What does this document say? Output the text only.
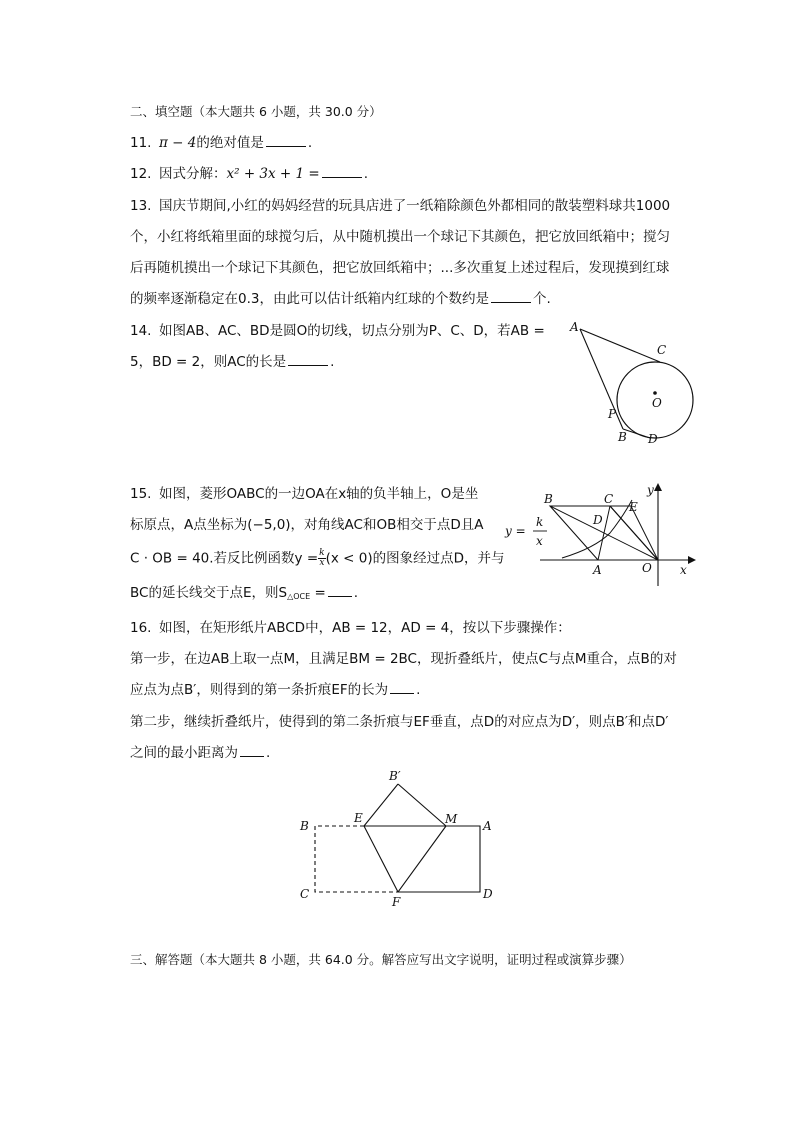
二、填空题（本大题共 6 小题，共 30.0 分）
11. π − 4的绝对值是	.
12. 因式分解：x² + 3x + 1 =	.
13. 国庆节期间,小红的妈妈经营的玩具店进了一纸箱除颜色外都相同的散装塑料球共1000
个，小红将纸箱里面的球搅匀后，从中随机摸出一个球记下其颜色，把它放回纸箱中；搅匀
后再随机摸出一个球记下其颜色，把它放回纸箱中；...多次重复上述过程后，发现摸到红球
的频率逐渐稳定在0.3，由此可以估计纸箱内红球的个数约是	个.
14. 如图AB、AC、BD是圆O的切线，切点分别为P、C、D，若AB =
5，BD = 2，则AC的长是	.
A
C
O
P
B D
15. 如图，菱形OABC的一边OA在x轴的负半轴上，O是坐
标原点，A点坐标为(−5,0)，对角线AC和OB相交于点D且A
C · OB = 40.若反比例函数$y = \frac{k}{x} (x < 0)$的图象经过点D，并与
BC的延长线交于点E，则$S_{\triangle OCE}$ = .
B	C
E
D
A	O x
y
y =
k
x
16. 如图，在矩形纸片ABCD中，AB = 12，AD = 4，按以下步骤操作：
第一步，在边AB上取一点M，且满足BM = 2BC，现折叠纸片，使点C与点M重合，点B的对
应点为点B′，则得到的第一条折痕EF的长为 .
第二步，继续折叠纸片，使得到的第二条折痕与EF垂直，点D的对应点为D′，则点B′和点D′
之间的最小距离为 .
B′
B
E	M A
C
F
D
三、解答题（本大题共 8 小题，共 64.0 分。解答应写出文字说明，证明过程或演算步骤）
